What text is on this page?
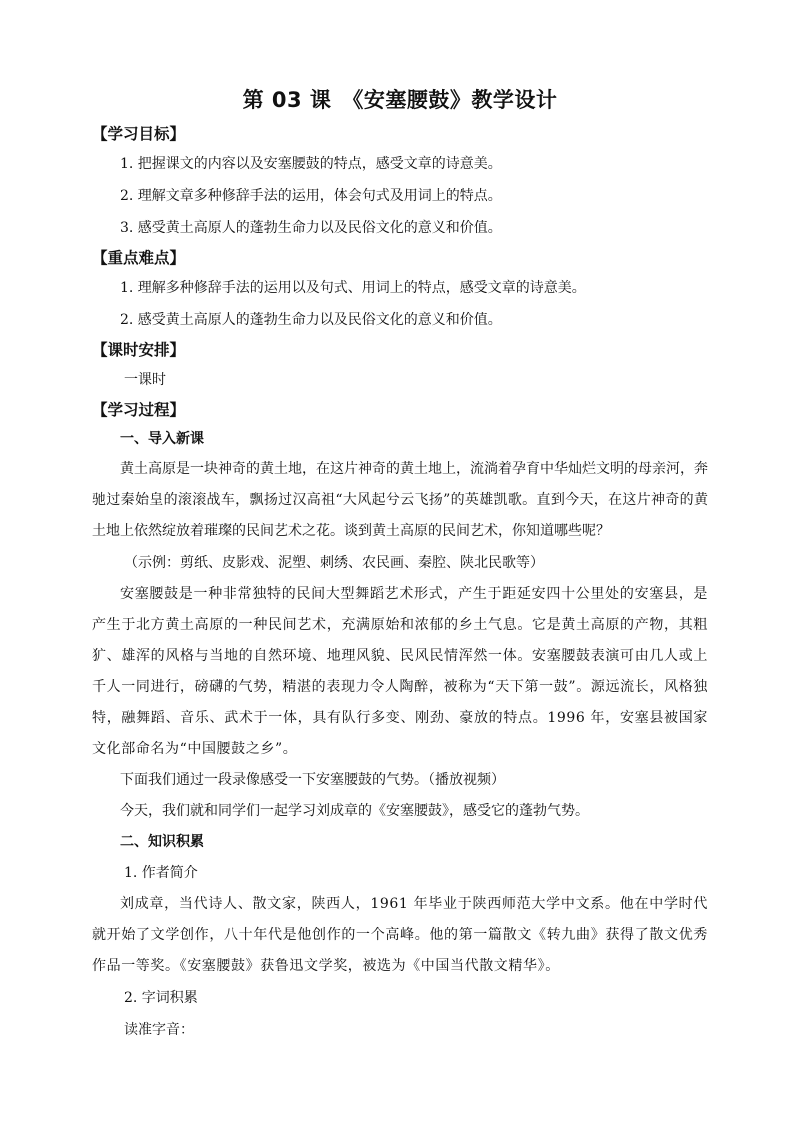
第 03 课　《安塞腰鼓》教学设计

【学习目标】

1. 把握课文的内容以及安塞腰鼓的特点，感受文章的诗意美。

2. 理解文章多种修辞手法的运用，体会句式及用词上的特点。

3. 感受黄土高原人的蓬勃生命力以及民俗文化的意义和价值。

【重点难点】

1. 理解多种修辞手法的运用以及句式、用词上的特点，感受文章的诗意美。

2. 感受黄土高原人的蓬勃生命力以及民俗文化的意义和价值。

【课时安排】

一课时

【学习过程】

一、导入新课

黄土高原是一块神奇的黄土地，在这片神奇的黄土地上，流淌着孕育中华灿烂文明的母亲河，奔驰过秦始皇的滚滚战车，飘扬过汉高祖“大风起兮云飞扬”的英雄凯歌。直到今天，在这片神奇的黄土地上依然绽放着璀璨的民间艺术之花。谈到黄土高原的民间艺术，你知道哪些呢？

（示例：剪纸、皮影戏、泥塑、刺绣、农民画、秦腔、陕北民歌等）

安塞腰鼓是一种非常独特的民间大型舞蹈艺术形式，产生于距延安四十公里处的安塞县，是产生于北方黄土高原的一种民间艺术，充满原始和浓郁的乡土气息。它是黄土高原的产物，其粗犷、雄浑的风格与当地的自然环境、地理风貌、民风民情浑然一体。安塞腰鼓表演可由几人或上千人一同进行，磅礴的气势，精湛的表现力令人陶醉，被称为“天下第一鼓”。源远流长，风格独特，融舞蹈、音乐、武术于一体，具有队行多变、刚劲、豪放的特点。1996 年，安塞县被国家文化部命名为“中国腰鼓之乡”。

下面我们通过一段录像感受一下安塞腰鼓的气势。（播放视频）

今天，我们就和同学们一起学习刘成章的《安塞腰鼓》，感受它的蓬勃气势。

二、知识积累

1. 作者简介

刘成章，当代诗人、散文家，陕西人，1961 年毕业于陕西师范大学中文系。他在中学时代就开始了文学创作，八十年代是他创作的一个高峰。他的第一篇散文《转九曲》获得了散文优秀作品一等奖。《安塞腰鼓》获鲁迅文学奖，被选为《中国当代散文精华》。

2. 字词积累

读准字音：
